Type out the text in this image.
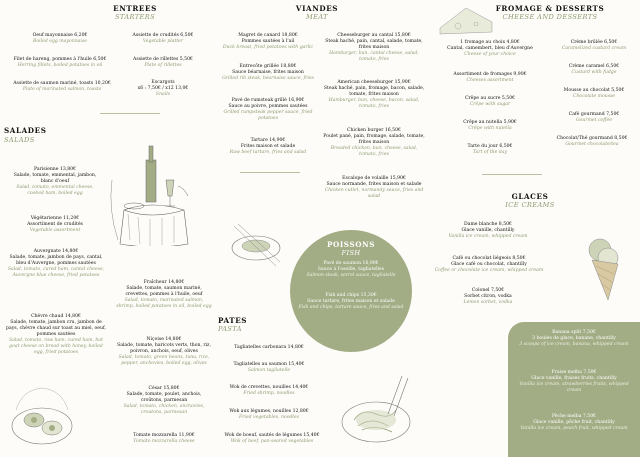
ENTREES
STARTERS
Oeuf mayonnaise 6,20€
Boiled egg mayonnaise
Filet de hareng, pommes à l'huile 6,50€
Herring fillets, boiled potatoes in oil
Assiette de saumon mariné, toasts 10,20€
Plate of marinated salmon, toasts
Assiette de crudités 6,50€
Vegetable platter
Assiette de rillettes 5,50€
Plate of rillettes
Escargots
x6 : 7,50€ / x12 13,0€
Snails
SALADES
SALADS
Parisienne 13,80€
Salade, tomate, emmental, jambon, blanc d'oeuf
Salad, tomato, emmental cheese, cooked ham, boiled egg
Végétarienne 11,20€
Assortiment de crudités
Vegetable assortment
Auvergnate 14,80€
Salade, tomate, jambon de pays, cantal, bleu d'Auvergne, pommes sautées
Salad, tomato, cured ham, cantal cheese, Auvergne blue cheese, fried potatoes
Chèvre chaud 14,80€
Salade, tomate, jambon cru, jambon de pays, chèvre chaud sur toast au miel, oeuf, pommes sautées
Salad, tomato, raw ham, cured ham, hot goat cheese on bread with honey, boiled egg, fried potatoes
Fraîcheur 14,80€
Salade, tomate, saumon mariné, crevettes, pommes à l'huile, oeuf
Salad, tomato, marinated salmon, shrimp, boiled potatoes in oil, boiled egg
Niçoise 14,80€
Salade, tomate, haricots verts, thon, riz, poivron, anchois, oeuf, olives
Salad, tomato, green beans, tuna, rice, pepper, anchovies, boiled egg, olives
César 15,80€
Salade, tomate, poulet, anchois, croûtons, parmesan
Salad, tomato, chicken, anchovies, croutons, parmesan
Tomate mozzarella 11,90€
Tomato mozzarella cheese
VIANDES
MEAT
Magret de canard 18,80€
Pommes sautées à l'ail
Duck breast, fried potatoes with garlic
Entrecôte grillée 18,80€
Sauce béarnaise, frites maison
Grilled rib steak, béarnaise sauce, fries
Pavé de rumsteak grillé 16,90€
Sauce au poivre, pommes sautées
Grilled rumpsteak pepper sauce, fried potatoes
Tartare 14,90€
Frites maison et salade
Raw beef tartare, fries and salad
Cheeseburger au cantal 15,80€
Steak haché, pain, cantal, salade, tomate, frites maison
Hamburger, bun, cantal cheese, salad, tomato, fries
American cheeseburger 15,90€
Steak haché, pain, fromage, bacon, salade, tomate, frites maison
Hamburger, bun, cheese, bacon, salad, tomato, fries
Chicken burger 16,50€
Poulet pané, pain, fromage, salade, tomate, frites maison
Breaded chicken, bun, cheese, salad, tomato, fries
Escalope de volaille 15,90€
Sauce normande, frites maison et salade
Chicken cutlet, normandy sauce, fries and salad
POISSONS
FISH
Pavé de saumon 16,90€
Sauce à l'oseille, tagliatelles
Salmon steak, sorrel sauce, tagliatelle
Fish and chips 15,30€
Sauce tartare, frites maison et salade
Fish and chips, tartare sauce, fries and salad
PATES
PASTA
Tagliatelles carbonara 14,80€
Tagliatelles au saumon 15,40€
Salmon tagliatelle
Wok de crevettes, nouilles 14,40€
Fried shrimp, noodles
Wok aux légumes, nouilles 12,80€
Fried vegetables, noodles
Wok de boeuf, sautés de légumes 15,40€
Wok of beef, pan-seared vegetables
FROMAGE & DESSERTS
CHEESE AND DESSERTS
1 fromage au choix 4,80€
Cantal, camembert, bleu d'Auvergne
Cheese of your choice
Assortiment de fromages 9,90€
Cheeses assortment
Crêpe au sucre 5,50€
Crêpe with sugar
Crêpe au nutella 5,90€
Crêpe with nutella
Tarte du jour 6,50€
Tart of the day
Crème brûlée 6,50€
Caramelized custard cream
Crème caramel 6,50€
Custard with fudge
Mousse au chocolat 5,50€
Chocolate mousse
Café gourmand 7,50€
Gourmet coffee
Chocolat/Thé gourmand 8,50€
Gourmet chocolate/tea
GLACES
ICE CREAMS
Dame blanche 8,50€
Glace vanille, chantilly
Vanilla ice cream, whipped cream
Café ou chocolat liégeois 8,50€
Glace café ou chocolat, chantilly
Coffee or chocolate ice cream, whipped cream
Colonel 7,50€
Sorbet citron, vodka
Lemon sorbet, vodka
Banana split 7,50€
3 boules de glace, banane, chantilly
3 scoops of ice cream, banana, whipped cream
Fraise melba 7,50€
Glace vanille, fraises fruits, chantilly
Vanilla ice cream, strawberries fruits, whipped cream
Pêche melba 7,50€
Glace vanille, pêche fruit, chantilly
Vanilla ice cream, peach fruit, whipped cream
